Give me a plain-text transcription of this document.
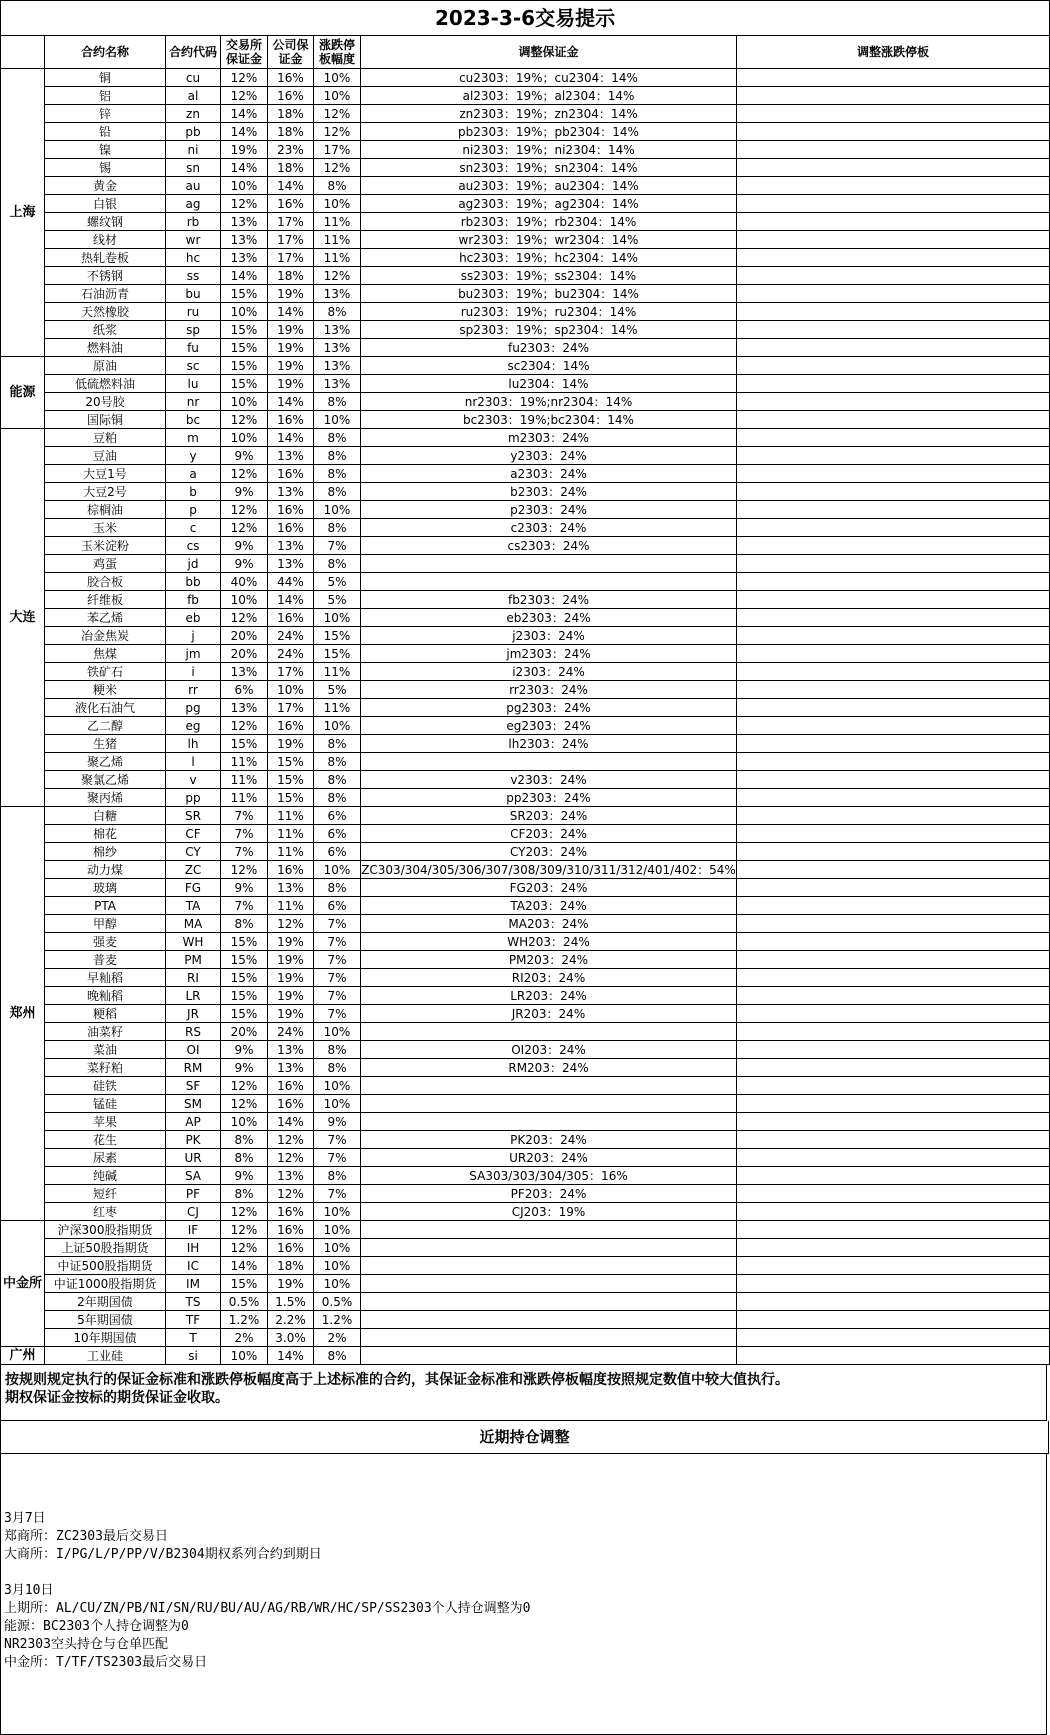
2023-3-6交易提示							
	合约名称	合约代码	交易所保证金	公司保证金	涨跌停板幅度	调整保证金	调整涨跌停板
上海	铜	cu	12%	16%	10%	cu2303：19%；cu2304：14%	
	铝	al	12%	16%	10%	al2303：19%；al2304：14%	
	锌	zn	14%	18%	12%	zn2303：19%；zn2304：14%	
	铅	pb	14%	18%	12%	pb2303：19%；pb2304：14%	
	镍	ni	19%	23%	17%	ni2303：19%；ni2304：14%	
	锡	sn	14%	18%	12%	sn2303：19%；sn2304：14%	
	黄金	au	10%	14%	8%	au2303：19%；au2304：14%	
	白银	ag	12%	16%	10%	ag2303：19%；ag2304：14%	
	螺纹钢	rb	13%	17%	11%	rb2303：19%；rb2304：14%	
	线材	wr	13%	17%	11%	wr2303：19%；wr2304：14%	
	热轧卷板	hc	13%	17%	11%	hc2303：19%；hc2304：14%	
	不锈钢	ss	14%	18%	12%	ss2303：19%；ss2304：14%	
	石油沥青	bu	15%	19%	13%	bu2303：19%；bu2304：14%	
	天然橡胶	ru	10%	14%	8%	ru2303：19%；ru2304：14%	
	纸浆	sp	15%	19%	13%	sp2303：19%；sp2304：14%	
	燃料油	fu	15%	19%	13%	fu2303：24%	
能源	原油	sc	15%	19%	13%	sc2304：14%	
	低硫燃料油	lu	15%	19%	13%	lu2304：14%	
	20号胶	nr	10%	14%	8%	nr2303：19%;nr2304：14%	
	国际铜	bc	12%	16%	10%	bc2303：19%;bc2304：14%	
大连	豆粕	m	10%	14%	8%	m2303：24%	
	豆油	y	9%	13%	8%	y2303：24%	
	大豆1号	a	12%	16%	8%	a2303：24%	
	大豆2号	b	9%	13%	8%	b2303：24%	
	棕榈油	p	12%	16%	10%	p2303：24%	
	玉米	c	12%	16%	8%	c2303：24%	
	玉米淀粉	cs	9%	13%	7%	cs2303：24%	
	鸡蛋	jd	9%	13%	8%		
	胶合板	bb	40%	44%	5%		
	纤维板	fb	10%	14%	5%	fb2303：24%	
	苯乙烯	eb	12%	16%	10%	eb2303：24%	
	冶金焦炭	j	20%	24%	15%	j2303：24%	
	焦煤	jm	20%	24%	15%	jm2303：24%	
	铁矿石	i	13%	17%	11%	i2303：24%	
	粳米	rr	6%	10%	5%	rr2303：24%	
	液化石油气	pg	13%	17%	11%	pg2303：24%	
	乙二醇	eg	12%	16%	10%	eg2303：24%	
	生猪	lh	15%	19%	8%	lh2303：24%	
	聚乙烯	l	11%	15%	8%		
	聚氯乙烯	v	11%	15%	8%	v2303：24%	
	聚丙烯	pp	11%	15%	8%	pp2303：24%	
郑州	白糖	SR	7%	11%	6%	SR203：24%	
	棉花	CF	7%	11%	6%	CF203：24%	
	棉纱	CY	7%	11%	6%	CY203：24%	
	动力煤	ZC	12%	16%	10%	ZC303/304/305/306/307/308/309/310/311/312/401/402：54%	
	玻璃	FG	9%	13%	8%	FG203：24%	
	PTA	TA	7%	11%	6%	TA203：24%	
	甲醇	MA	8%	12%	7%	MA203：24%	
	强麦	WH	15%	19%	7%	WH203：24%	
	普麦	PM	15%	19%	7%	PM203：24%	
	早籼稻	RI	15%	19%	7%	RI203：24%	
	晚籼稻	LR	15%	19%	7%	LR203：24%	
	粳稻	JR	15%	19%	7%	JR203：24%	
	油菜籽	RS	20%	24%	10%		
	菜油	OI	9%	13%	8%	OI203：24%	
	菜籽粕	RM	9%	13%	8%	RM203：24%	
	硅铁	SF	12%	16%	10%		
	锰硅	SM	12%	16%	10%		
	苹果	AP	10%	14%	9%		
	花生	PK	8%	12%	7%	PK203：24%	
	尿素	UR	8%	12%	7%	UR203：24%	
	纯碱	SA	9%	13%	8%	SA303/303/304/305：16%	
	短纤	PF	8%	12%	7%	PF203：24%	
	红枣	CJ	12%	16%	10%	CJ203：19%	
中金所	沪深300股指期货	IF	12%	16%	10%		
	上证50股指期货	IH	12%	16%	10%		
	中证500股指期货	IC	14%	18%	10%		
	中证1000股指期货	IM	15%	19%	10%		
	2年期国债	TS	0.5%	1.5%	0.5%		
	5年期国债	TF	1.2%	2.2%	1.2%		
	10年期国债	T	2%	3.0%	2%		
广州	工业硅	si	10%	14%	8%		
按规则规定执行的保证金标准和涨跌停板幅度高于上述标准的合约，其保证金标准和涨跌停板幅度按照规定数值中较大值执行。
期权保证金按标的期货保证金收取。
近期持仓调整
3月7日
郑商所：ZC2303最后交易日
大商所：I/PG/L/P/PP/V/B2304期权系列合约到期日
3月10日
上期所：AL/CU/ZN/PB/NI/SN/RU/BU/AU/AG/RB/WR/HC/SP/SS2303个人持仓调整为0
能源：BC2303个人持仓调整为0
NR2303空头持仓与仓单匹配
中金所：T/TF/TS2303最后交易日
